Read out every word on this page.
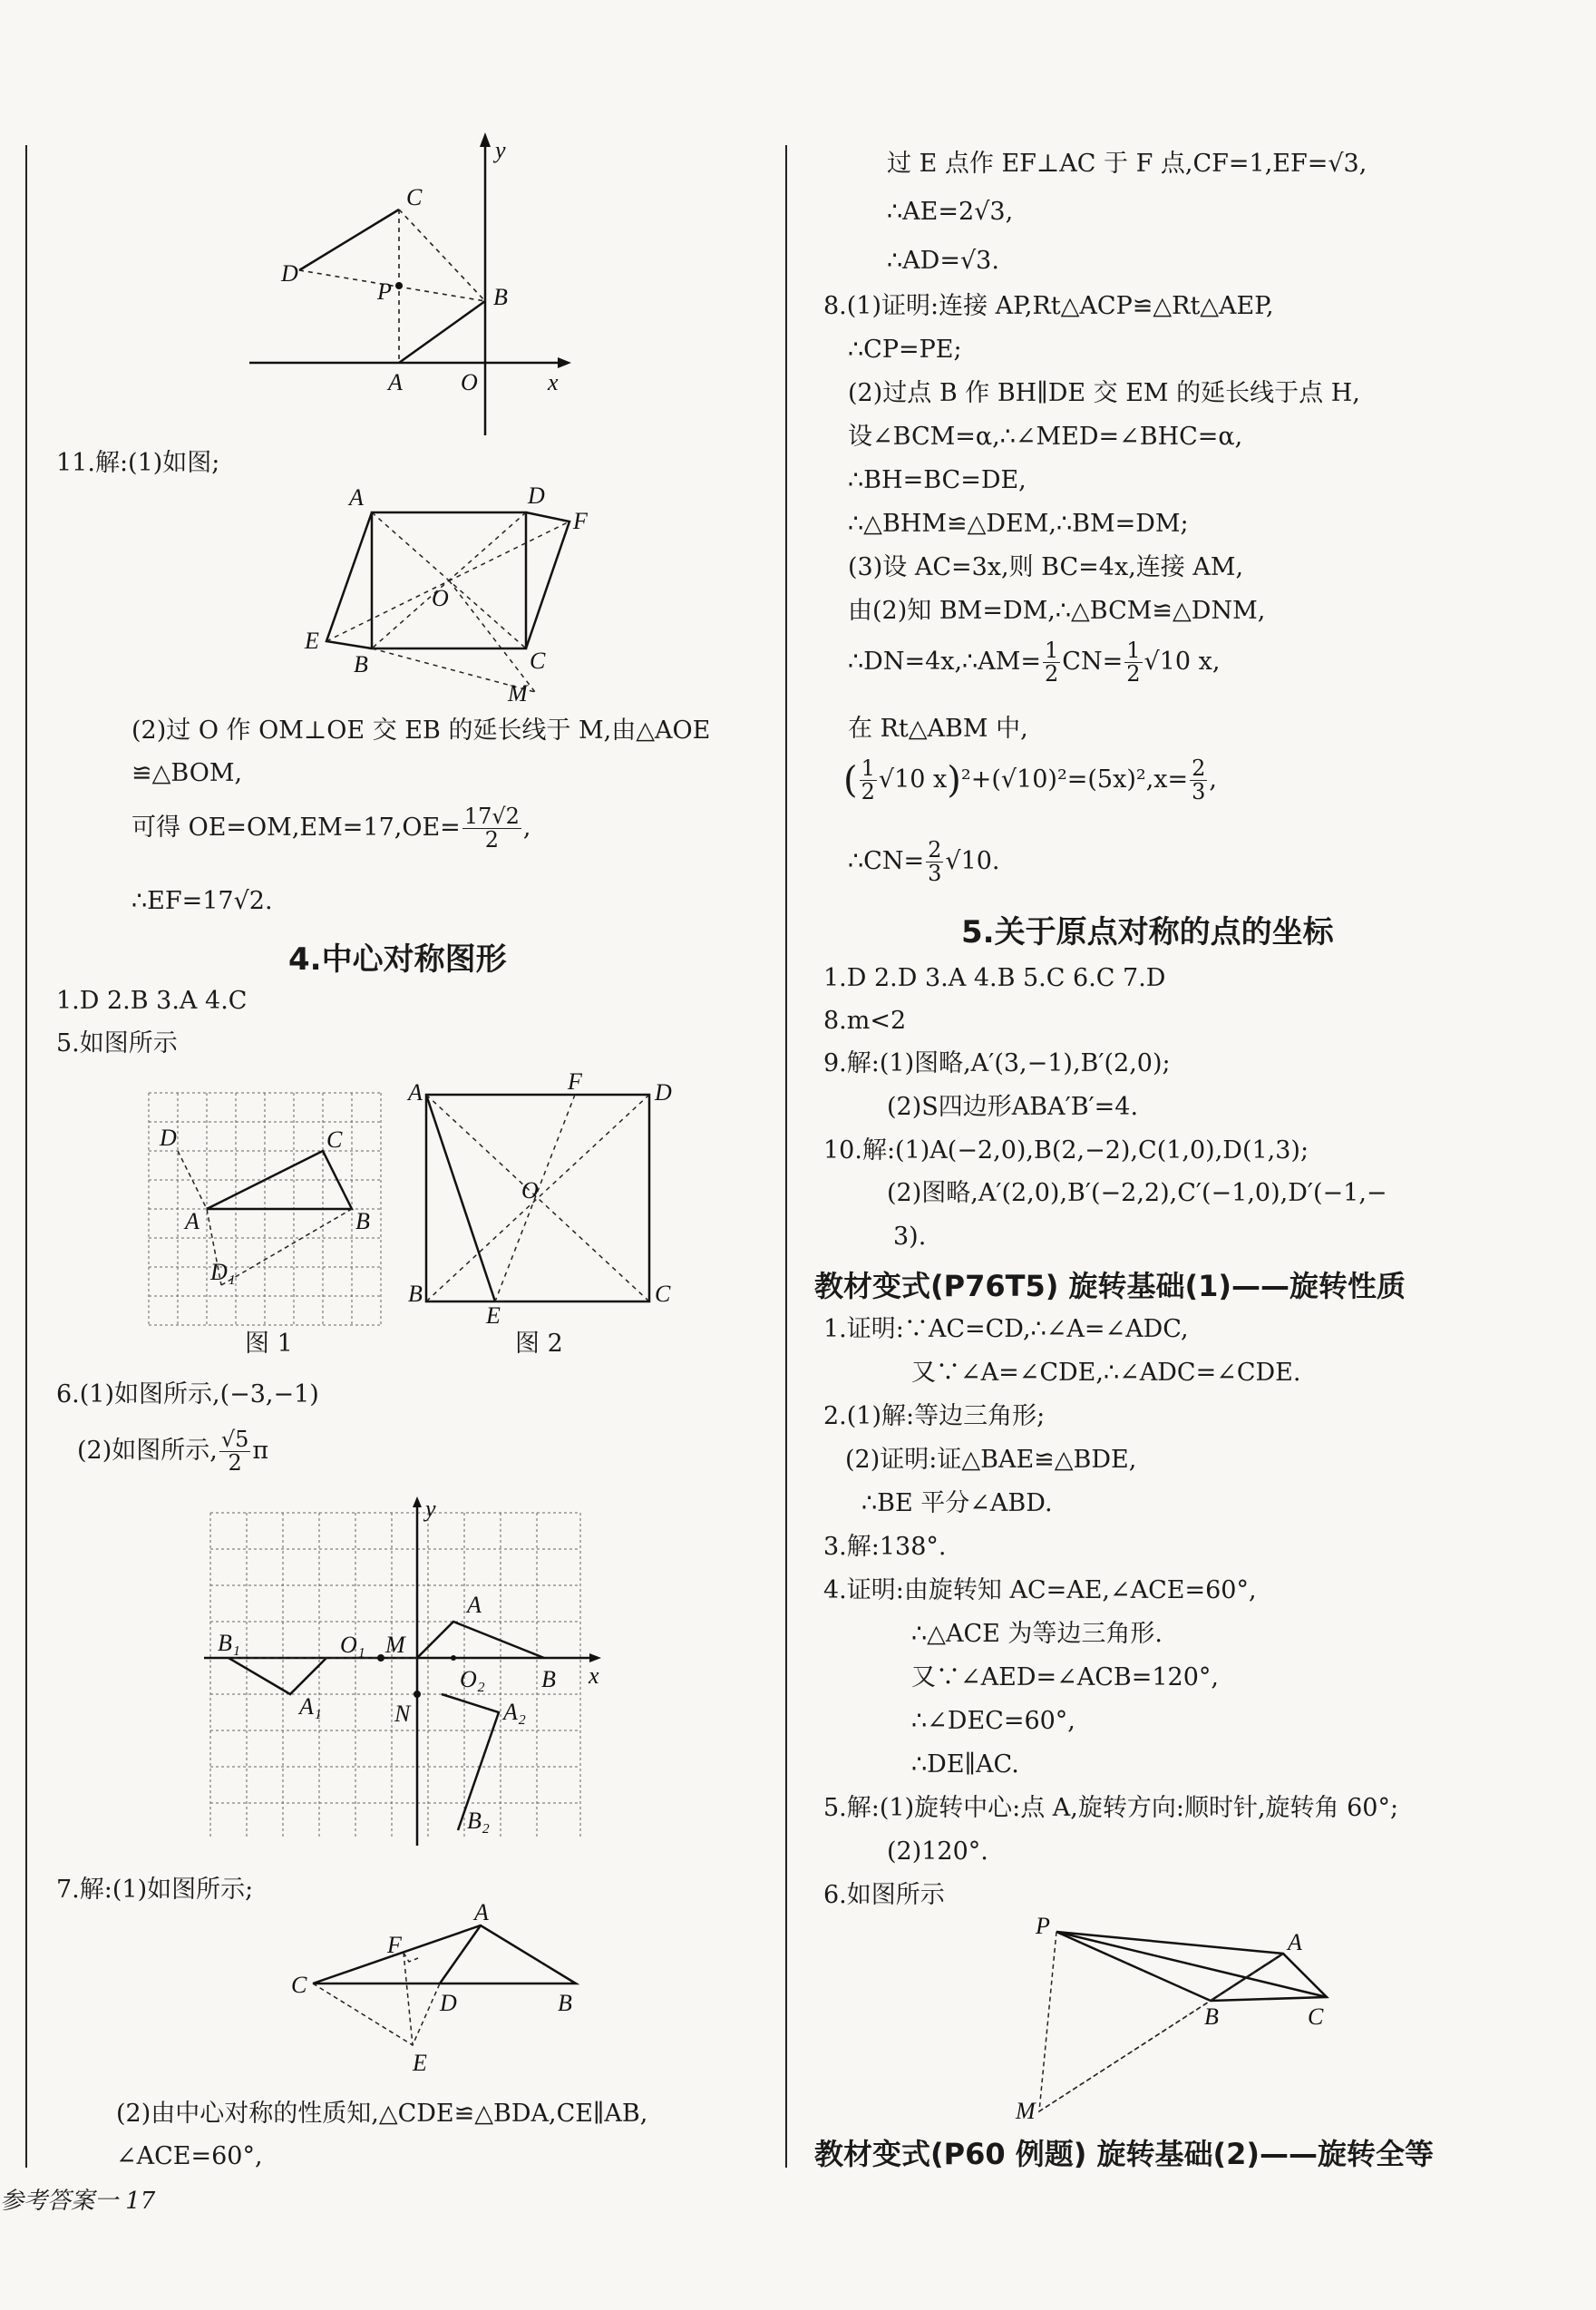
y
C
D
P	B
A O	x
11.解:(1)如图;
A	D
F
O
E
B	C
M
(2)过 O 作 OM⊥OE 交 EB 的延长线于 M,由△AOE
≌△BOM,
可得 $OE=OM,EM=17,OE= \frac{17√2}{2}$ ,
∴EF=17√2.
4.中心对称图形
1.D 2.B 3.A 4.C
5.如图所示
D	C
A	B
D₁
图 1
A	F	D
O
B
E
C
图 2
6.(1)如图所示,(−3,−1)
(2)如图所示, $\frac{√5}{2}$ π
y
A
B₁	O₁ M
B x
O₂
A₁	N	A₂
B₂
7.解:(1)如图所示;
A
F
C
D	B
E
(2)由中心对称的性质知,△CDE≌△BDA,CE∥AB,
∠ACE=60°,
参考答案一 17
过 E 点作 EF⊥AC 于 F 点,CF=1,EF=√3,
∴AE=2√3,
∴AD=√3.
8.(1)证明:连接 AP,Rt△ACP≌△Rt△AEP,
∴CP=PE;
(2)过点 B 作 BH∥DE 交 EM 的延长线于点 H,
设∠BCM=α,∴∠MED=∠BHC=α,
∴BH=BC=DE,
∴△BHM≌△DEM,∴BM=DM;
(3)设 AC=3x,则 BC=4x,连接 AM,
由(2)知 BM=DM,∴△BCM≌△DNM,
∴DN=4x,∴AM= $\frac{1}{2} CN= \frac{1}{2} √10$ x,
在 Rt△ABM 中,
( $\frac{1}{2} √10$ $x)^2+(√10)^2=(5x)^2,x= \frac{2}{3}$ ,
∴CN= $\frac{2}{3} √10$.
5.关于原点对称的点的坐标
1.D 2.D 3.A 4.B 5.C 6.C 7.D
8.m<2
9.解:(1)图略,A′(3,−1),B′(2,0);
(2)S四边形ABA′B′=4.
10.解:(1)A(−2,0),B(2,−2),C(1,0),D(1,3);
(2)图略,A′(2,0),B′(−2,2),C′(−1,0),D′(−1,−
3).
教材变式(P76T5) 旋转基础(1)——旋转性质
1.证明:∵AC=CD,∴∠A=∠ADC,
又∵∠A=∠CDE,∴∠ADC=∠CDE.
2.(1)解:等边三角形;
(2)证明:证△BAE≌△BDE,
∴BE 平分∠ABD.
3.解:138°.
4.证明:由旋转知 AC=AE,∠ACE=60°,
∴△ACE 为等边三角形.
又∵∠AED=∠ACB=120°,
∴∠DEC=60°,
∴DE∥AC.
5.解:(1)旋转中心:点 A,旋转方向:顺时针,旋转角 60°;
(2)120°.
6.如图所示
P
A
B	C
M
教材变式(P60 例题) 旋转基础(2)——旋转全等
